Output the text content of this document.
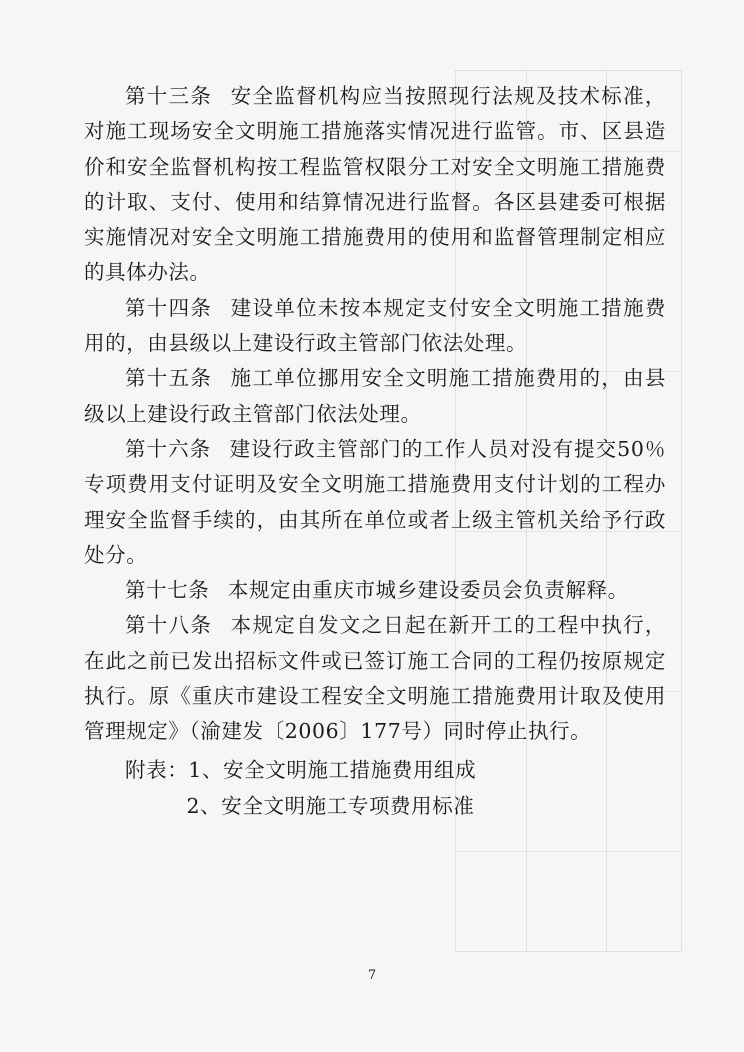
第十三条 安全监督机构应当按照现行法规及技术标准，对施工现场安全文明施工措施落实情况进行监管。市、区县造价和安全监督机构按工程监管权限分工对安全文明施工措施费的计取、支付、使用和结算情况进行监督。各区县建委可根据实施情况对安全文明施工措施费用的使用和监督管理制定相应的具体办法。

第十四条 建设单位未按本规定支付安全文明施工措施费用的，由县级以上建设行政主管部门依法处理。

第十五条 施工单位挪用安全文明施工措施费用的，由县级以上建设行政主管部门依法处理。

第十六条 建设行政主管部门的工作人员对没有提交50％专项费用支付证明及安全文明施工措施费用支付计划的工程办理安全监督手续的，由其所在单位或者上级主管机关给予行政处分。

第十七条 本规定由重庆市城乡建设委员会负责解释。

第十八条 本规定自发文之日起在新开工的工程中执行，在此之前已发出招标文件或已签订施工合同的工程仍按原规定执行。原《重庆市建设工程安全文明施工措施费用计取及使用管理规定》（渝建发〔2006〕177号）同时停止执行。

附表：1、安全文明施工措施费用组成
2、安全文明施工专项费用标准
7
